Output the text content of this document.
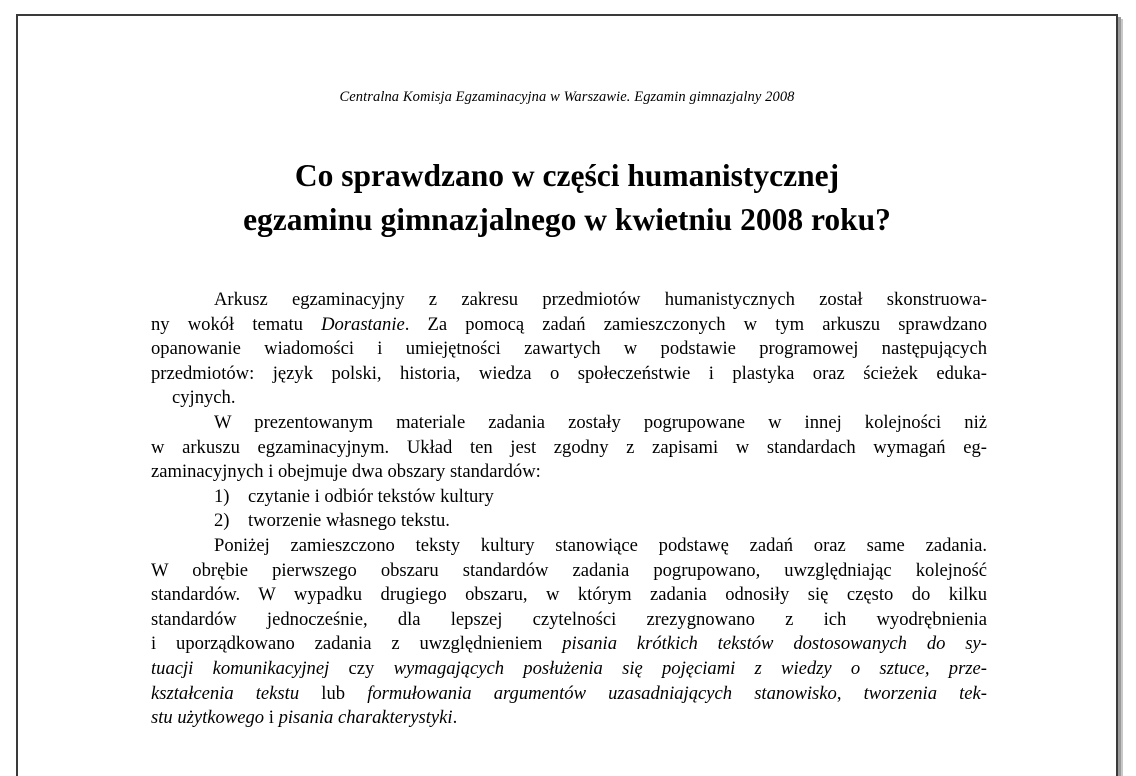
Centralna Komisja Egzaminacyjna w Warszawie. Egzamin gimnazjalny 2008
Co sprawdzano w części humanistycznej
egzaminu gimnazjalnego w kwietniu 2008 roku?
Arkusz egzaminacyjny z zakresu przedmiotów humanistycznych został skonstruowa-
ny wokół tematu Dorastanie. Za pomocą zadań zamieszczonych w tym arkuszu sprawdzano
opanowanie wiadomości i umiejętności zawartych w podstawie programowej następujących
przedmiotów: język polski, historia, wiedza o społeczeństwie i plastyka oraz ścieżek eduka-
cyjnych.
W prezentowanym materiale zadania zostały pogrupowane w innej kolejności niż
w arkuszu egzaminacyjnym. Układ ten jest zgodny z zapisami w standardach wymagań eg-
zaminacyjnych i obejmuje dwa obszary standardów:
1) czytanie i odbiór tekstów kultury
2) tworzenie własnego tekstu.
Poniżej zamieszczono teksty kultury stanowiące podstawę zadań oraz same zadania.
W obrębie pierwszego obszaru standardów zadania pogrupowano, uwzględniając kolejność
standardów. W wypadku drugiego obszaru, w którym zadania odnosiły się często do kilku
standardów jednocześnie, dla lepszej czytelności zrezygnowano z ich wyodrębnienia
i uporządkowano zadania z uwzględnieniem pisania krótkich tekstów dostosowanych do sy-
tuacji komunikacyjnej czy wymagających posłużenia się pojęciami z wiedzy o sztuce, prze-
kształcenia tekstu lub formułowania argumentów uzasadniających stanowisko, tworzenia tek-
stu użytkowego i pisania charakterystyki.
